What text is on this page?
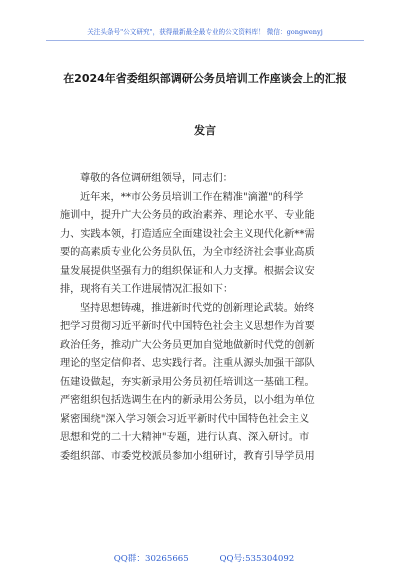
关注头条号"公文研究"，获得最新最全最专业的公文资料库！ 微信：gongwenyj
在2024年省委组织部调研公务员培训工作座谈会上的汇报
发言

尊敬的各位调研组领导，同志们：

近年来，**市公务员培训工作在精准"滴灌"的科学
施训中，提升广大公务员的政治素养、理论水平、专业能
力、实践本领，打造适应全面建设社会主义现代化新**需
要的高素质专业化公务员队伍，为全市经济社会事业高质
量发展提供坚强有力的组织保证和人力支撑。根据会议安
排，现将有关工作进展情况汇报如下：

坚持思想铸魂，推进新时代党的创新理论武装。始终
把学习贯彻习近平新时代中国特色社会主义思想作为首要
政治任务，推动广大公务员更加自觉地做新时代党的创新
理论的坚定信仰者、忠实践行者。注重从源头加强干部队
伍建设做起，夯实新录用公务员初任培训这一基础工程。
严密组织包括选调生在内的新录用公务员，以小组为单位
紧密围绕"深入学习领会习近平新时代中国特色社会主义
思想和党的二十大精神"专题，进行认真、深入研讨。市
委组织部、市委党校派员参加小组研讨，教育引导学员用

QQ群：30265665	QQ号:535304092
